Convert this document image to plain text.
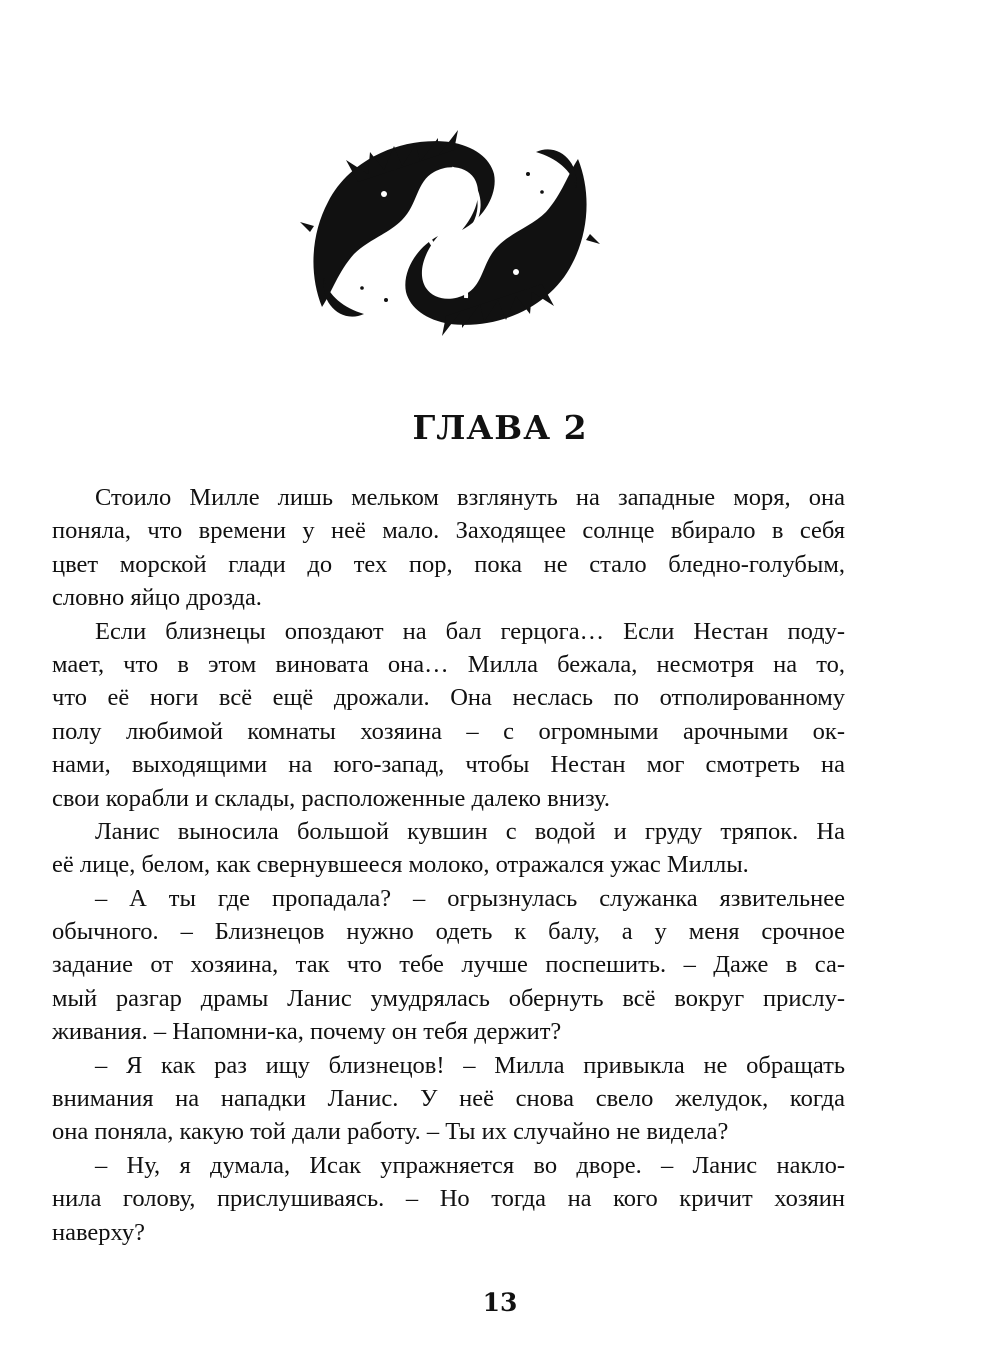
ГЛАВА 2
Стоило Милле лишь мельком взглянуть на западные моря, она
поняла, что времени у неё мало. Заходящее солнце вбирало в себя
цвет морской глади до тех пор, пока не стало бледно-голубым,
словно яйцо дрозда.
Если близнецы опоздают на бал герцога… Если Нестан поду-
мает, что в этом виновата она… Милла бежала, несмотря на то,
что её ноги всё ещё дрожали. Она неслась по отполированному
полу любимой комнаты хозяина – с огромными арочными ок-
нами, выходящими на юго-запад, чтобы Нестан мог смотреть на
свои корабли и склады, расположенные далеко внизу.
Ланис выносила большой кувшин с водой и груду тряпок. На
её лице, белом, как свернувшееся молоко, отражался ужас Миллы.
– А ты где пропадала? – огрызнулась служанка язвительнее
обычного. – Близнецов нужно одеть к балу, а у меня срочное
задание от хозяина, так что тебе лучше поспешить. – Даже в са-
мый разгар драмы Ланис умудрялась обернуть всё вокруг прислу-
живания. – Напомни-ка, почему он тебя держит?
– Я как раз ищу близнецов! – Милла привыкла не обращать
внимания на нападки Ланис. У неё снова свело желудок, когда
она поняла, какую той дали работу. – Ты их случайно не видела?
– Ну, я думала, Исак упражняется во дворе. – Ланис накло-
нила голову, прислушиваясь. – Но тогда на кого кричит хозяин
наверху?
13
